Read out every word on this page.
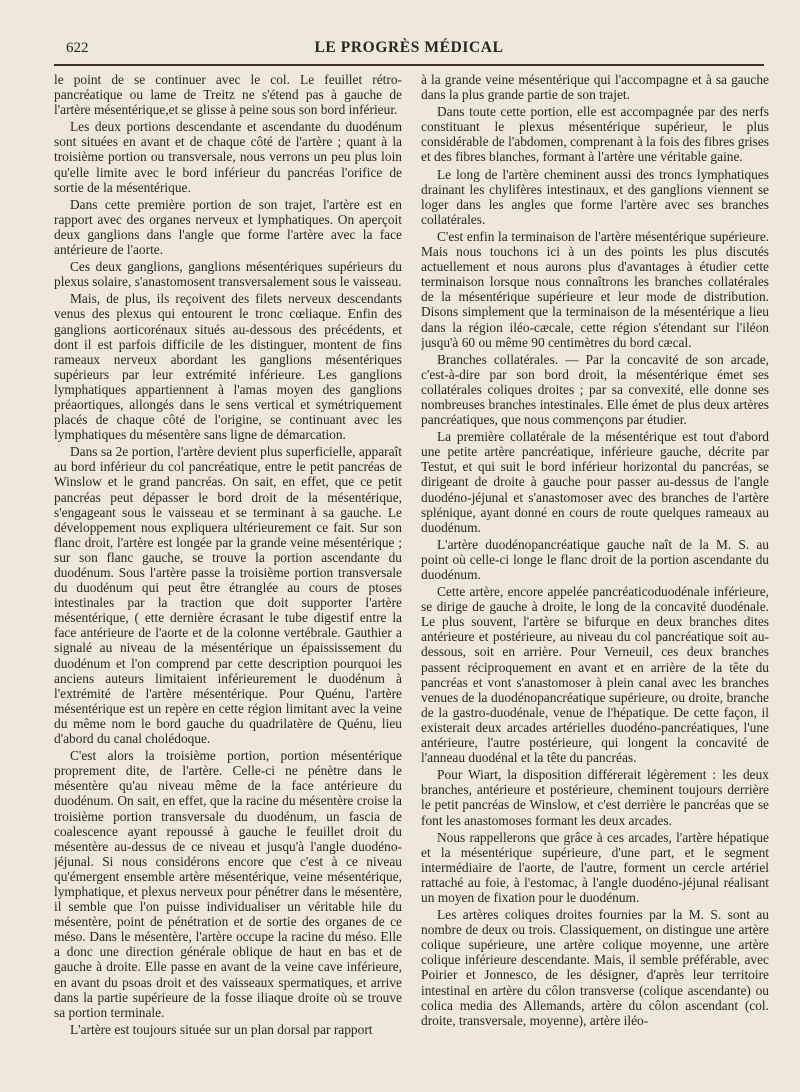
622	LE PROGRÈS MÉDICAL

le point de se continuer avec le col. Le feuillet rétro-pancréatique ou lame de Treitz ne s'étend pas à gauche de l'artère mésentérique,et se glisse à peine sous son bord inférieur.

Les deux portions descendante et ascendante du duodénum sont situées en avant et de chaque côté de l'artère ; quant à la troisième portion ou transversale, nous verrons un peu plus loin qu'elle limite avec le bord inférieur du pancréas l'orifice de sortie de la mésentérique.

Dans cette première portion de son trajet, l'artère est en rapport avec des organes nerveux et lymphatiques. On aperçoit deux ganglions dans l'angle que forme l'artère avec la face antérieure de l'aorte.

Ces deux ganglions, ganglions mésentériques supérieurs du plexus solaire, s'anastomosent transversalement sous le vaisseau.

Mais, de plus, ils reçoivent des filets nerveux descendants venus des plexus qui entourent le tronc cœliaque. Enfin des ganglions aorticorénaux situés au-dessous des précédents, et dont il est parfois difficile de les distinguer, montent de fins rameaux nerveux abordant les ganglions mésentériques supérieurs par leur extrémité inférieure. Les ganglions lymphatiques appartiennent à l'amas moyen des ganglions préaortiques, allongés dans le sens vertical et symétriquement placés de chaque côté de l'origine, se continuant avec les lymphatiques du mésentère sans ligne de démarcation.

Dans sa 2e portion, l'artère devient plus superficielle, apparaît au bord inférieur du col pancréatique, entre le petit pancréas de Winslow et le grand pancréas. On sait, en effet, que ce petit pancréas peut dépasser le bord droit de la mésentérique, s'engageant sous le vaisseau et se terminant à sa gauche. Le développement nous expliquera ultérieurement ce fait. Sur son flanc droit, l'artère est longée par la grande veine mésentérique ; sur son flanc gauche, se trouve la portion ascendante du duodénum. Sous l'artère passe la troisième portion transversale du duodénum qui peut être étranglée au cours de ptoses intestinales par la traction que doit supporter l'artère mésentérique, ( ette dernière écrasant le tube digestif entre la face antérieure de l'aorte et de la colonne vertébrale. Gauthier a signalé au niveau de la mésentérique un épaississement du duodénum et l'on comprend par cette description pourquoi les anciens auteurs limitaient inférieurement le duodénum à l'extrémité de l'artère mésentérique. Pour Quénu, l'artère mésentérique est un repère en cette région limitant avec la veine du même nom le bord gauche du quadrilatère de Quénu, lieu d'abord du canal cholédoque.

C'est alors la troisième portion, portion mésentérique proprement dite, de l'artère. Celle-ci ne pénètre dans le mésentère qu'au niveau même de la face antérieure du duodénum. On sait, en effet, que la racine du mésentère croise la troisième portion transversale du duodénum, un fascia de coalescence ayant repoussé à gauche le feuillet droit du mésentère au-dessus de ce niveau et jusqu'à l'angle duodéno-jéjunal. Si nous considérons encore que c'est à ce niveau qu'émergent ensemble artère mésentérique, veine mésentérique, lymphatique, et plexus nerveux pour pénétrer dans le mésentère, il semble que l'on puisse individualiser un véritable hile du mésentère, point de pénétration et de sortie des organes de ce méso. Dans le mésentère, l'artère occupe la racine du méso. Elle a donc une direction générale oblique de haut en bas et de gauche à droite. Elle passe en avant de la veine cave inférieure, en avant du psoas droit et des vaisseaux spermatiques, et arrive dans la partie supérieure de la fosse iliaque droite où se trouve sa portion terminale.

L'artère est toujours située sur un plan dorsal par rapport

à la grande veine mésentérique qui l'accompagne et à sa gauche dans la plus grande partie de son trajet.

Dans toute cette portion, elle est accompagnée par des nerfs constituant le plexus mésentérique supérieur, le plus considérable de l'abdomen, comprenant à la fois des fibres grises et des fibres blanches, formant à l'artère une véritable gaine.

Le long de l'artère cheminent aussi des troncs lymphatiques drainant les chylifères intestinaux, et des ganglions viennent se loger dans les angles que forme l'artère avec ses branches collatérales.

C'est enfin la terminaison de l'artère mésentérique supérieure. Mais nous touchons ici à un des points les plus discutés actuellement et nous aurons plus d'avantages à étudier cette terminaison lorsque nous connaîtrons les branches collatérales de la mésentérique supérieure et leur mode de distribution. Disons simplement que la terminaison de la mésentérique a lieu dans la région iléo-cæcale, cette région s'étendant sur l'iléon jusqu'à 60 ou même 90 centimètres du bord cæcal.

Branches collatérales. — Par la concavité de son arcade, c'est-à-dire par son bord droit, la mésentérique émet ses collatérales coliques droites ; par sa convexité, elle donne ses nombreuses branches intestinales. Elle émet de plus deux artères pancréatiques, que nous commençons par étudier.

La première collatérale de la mésentérique est tout d'abord une petite artère pancréatique, inférieure gauche, décrite par Testut, et qui suit le bord inférieur horizontal du pancréas, se dirigeant de droite à gauche pour passer au-dessus de l'angle duodéno-jéjunal et s'anastomoser avec des branches de l'artère splénique, ayant donné en cours de route quelques rameaux au duodénum.

L'artère duodénopancréatique gauche naît de la M. S. au point où celle-ci longe le flanc droit de la portion ascendante du duodénum.

Cette artère, encore appelée pancréaticoduodénale inférieure, se dirige de gauche à droite, le long de la concavité duodénale. Le plus souvent, l'artère se bifurque en deux branches dites antérieure et postérieure, au niveau du col pancréatique soit au-dessous, soit en arrière. Pour Verneuil, ces deux branches passent réciproquement en avant et en arrière de la tête du pancréas et vont s'anastomoser à plein canal avec les branches venues de la duodénopancréatique supérieure, ou droite, branche de la gastro-duodénale, venue de l'hépatique. De cette façon, il existerait deux arcades artérielles duodéno-pancréatiques, l'une antérieure, l'autre postérieure, qui longent la concavité de l'anneau duodénal et la tête du pancréas.

Pour Wiart, la disposition différerait légèrement : les deux branches, antérieure et postérieure, cheminent toujours derrière le petit pancréas de Winslow, et c'est derrière le pancréas que se font les anastomoses formant les deux arcades.

Nous rappellerons que grâce à ces arcades, l'artère hépatique et la mésentérique supérieure, d'une part, et le segment intermédiaire de l'aorte, de l'autre, forment un cercle artériel rattaché au foie, à l'estomac, à l'angle duodéno-jéjunal réalisant un moyen de fixation pour le duodénum.

Les artères coliques droites fournies par la M. S. sont au nombre de deux ou trois. Classiquement, on distingue une artère colique supérieure, une artère colique moyenne, une artère colique inférieure descendante. Mais, il semble préférable, avec Poirier et Jonnesco, de les désigner, d'après leur territoire intestinal en artère du côlon transverse (colique ascendante) ou colica media des Allemands, artère du côlon ascendant (col. droite, transversale, moyenne), artère iléo-
